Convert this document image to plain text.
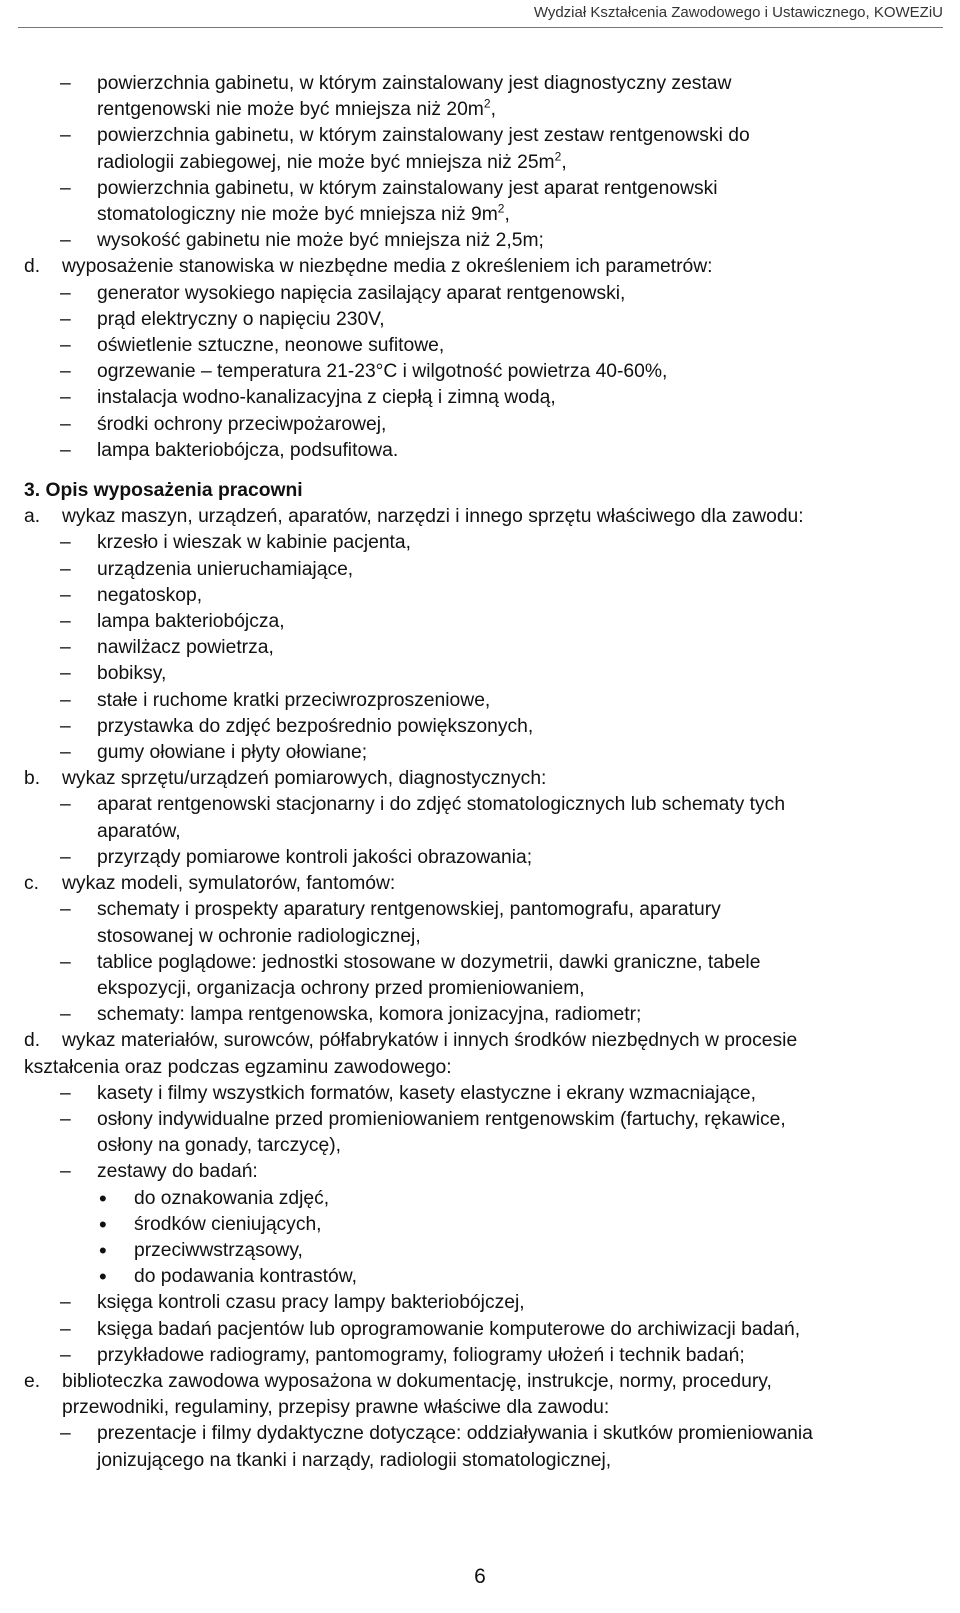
Wydział Kształcenia Zawodowego i Ustawicznego, KOWEZiU
–	powierzchnia gabinetu, w którym zainstalowany jest diagnostyczny zestaw
rentgenowski nie może być mniejsza niż $20m^2$,
–	powierzchnia gabinetu, w którym zainstalowany jest zestaw rentgenowski do
radiologii zabiegowej, nie może być mniejsza niż $25m^2$,
–	powierzchnia gabinetu, w którym zainstalowany jest aparat rentgenowski
stomatologiczny nie może być mniejsza niż $9m^2$,
–	wysokość gabinetu nie może być mniejsza niż 2,5m;
d. wyposażenie stanowiska w niezbędne media z określeniem ich parametrów:
–	generator wysokiego napięcia zasilający aparat rentgenowski,
–	prąd elektryczny o napięciu 230V,
–	oświetlenie sztuczne, neonowe sufitowe,
–	ogrzewanie – temperatura 21-23°C i wilgotność powietrza 40-60%,
–	instalacja wodno-kanalizacyjna z ciepłą i zimną wodą,
–	środki ochrony przeciwpożarowej,
–	lampa bakteriobójcza, podsufitowa.
3. Opis wyposażenia pracowni
a. wykaz maszyn, urządzeń, aparatów, narzędzi i innego sprzętu właściwego dla zawodu:
–	krzesło i wieszak w kabinie pacjenta,
–	urządzenia unieruchamiające,
–	negatoskop,
–	lampa bakteriobójcza,
–	nawilżacz powietrza,
–	bobiksy,
–	stałe i ruchome kratki przeciwrozproszeniowe,
–	przystawka do zdjęć bezpośrednio powiększonych,
–	gumy ołowiane i płyty ołowiane;
b. wykaz sprzętu/urządzeń pomiarowych, diagnostycznych:
–	aparat rentgenowski stacjonarny i do zdjęć stomatologicznych lub schematy tych
aparatów,
–	przyrządy pomiarowe kontroli jakości obrazowania;
c. wykaz modeli, symulatorów, fantomów:
–	schematy i prospekty aparatury rentgenowskiej, pantomografu, aparatury
stosowanej w ochronie radiologicznej,
–	tablice poglądowe: jednostki stosowane w dozymetrii, dawki graniczne, tabele
ekspozycji, organizacja ochrony przed promieniowaniem,
–	schematy: lampa rentgenowska, komora jonizacyjna, radiometr;
d. wykaz materiałów, surowców, półfabrykatów i innych środków niezbędnych w procesie
kształcenia oraz podczas egzaminu zawodowego:
–	kasety i filmy wszystkich formatów, kasety elastyczne i ekrany wzmacniające,
–	osłony indywidualne przed promieniowaniem rentgenowskim (fartuchy, rękawice,
osłony na gonady, tarczycę),
–	zestawy do badań:
• do oznakowania zdjęć,
• środków cieniujących,
• przeciwwstrząsowy,
• do podawania kontrastów,
–	księga kontroli czasu pracy lampy bakteriobójczej,
–	księga badań pacjentów lub oprogramowanie komputerowe do archiwizacji badań,
–	przykładowe radiogramy, pantomogramy, foliogramy ułożeń i technik badań;
e. biblioteczka zawodowa wyposażona w dokumentację, instrukcje, normy, procedury,
przewodniki, regulaminy, przepisy prawne właściwe dla zawodu:
–	prezentacje i filmy dydaktyczne dotyczące: oddziaływania i skutków promieniowania
jonizującego na tkanki i narządy, radiologii stomatologicznej,
6
